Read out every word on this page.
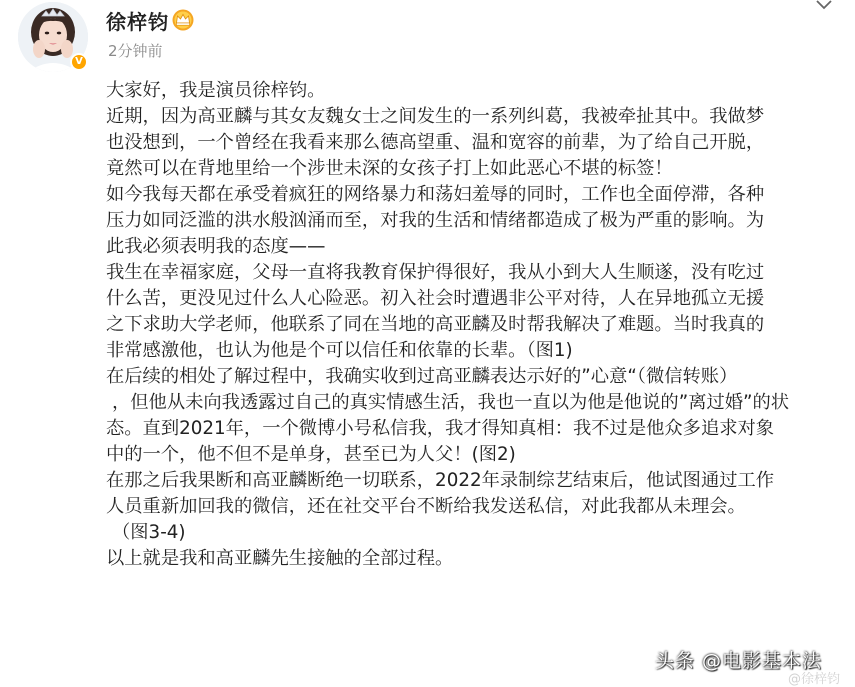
V
徐梓钧
2分钟前
大家好，我是演员徐梓钧。
近期，因为高亚麟与其女友魏女士之间发生的一系列纠葛，我被牵扯其中。我做梦
也没想到，一个曾经在我看来那么德高望重、温和宽容的前辈，为了给自己开脱，
竟然可以在背地里给一个涉世未深的女孩子打上如此恶心不堪的标签！
如今我每天都在承受着疯狂的网络暴力和荡妇羞辱的同时，工作也全面停滞，各种
压力如同泛滥的洪水般汹涌而至，对我的生活和情绪都造成了极为严重的影响。为
此我必须表明我的态度——
我生在幸福家庭，父母一直将我教育保护得很好，我从小到大人生顺遂，没有吃过
什么苦，更没见过什么人心险恶。初入社会时遭遇非公平对待，人在异地孤立无援
之下求助大学老师，他联系了同在当地的高亚麟及时帮我解决了难题。当时我真的
非常感激他，也认为他是个可以信任和依靠的长辈。（图1)
在后续的相处了解过程中，我确实收到过高亚麟表达示好的”心意“（微信转账）
，但他从未向我透露过自己的真实情感生活，我也一直以为他是他说的”离过婚”的状
态。直到2021年，一个微博小号私信我，我才得知真相：我不过是他众多追求对象
中的一个，他不但不是单身，甚至已为人父！(图2)
在那之后我果断和高亚麟断绝一切联系，2022年录制综艺结束后，他试图通过工作
人员重新加回我的微信，还在社交平台不断给我发送私信，对此我都从未理会。
（图3-4)
以上就是我和高亚麟先生接触的全部过程。
头条 @电影基本法
@徐梓钧
